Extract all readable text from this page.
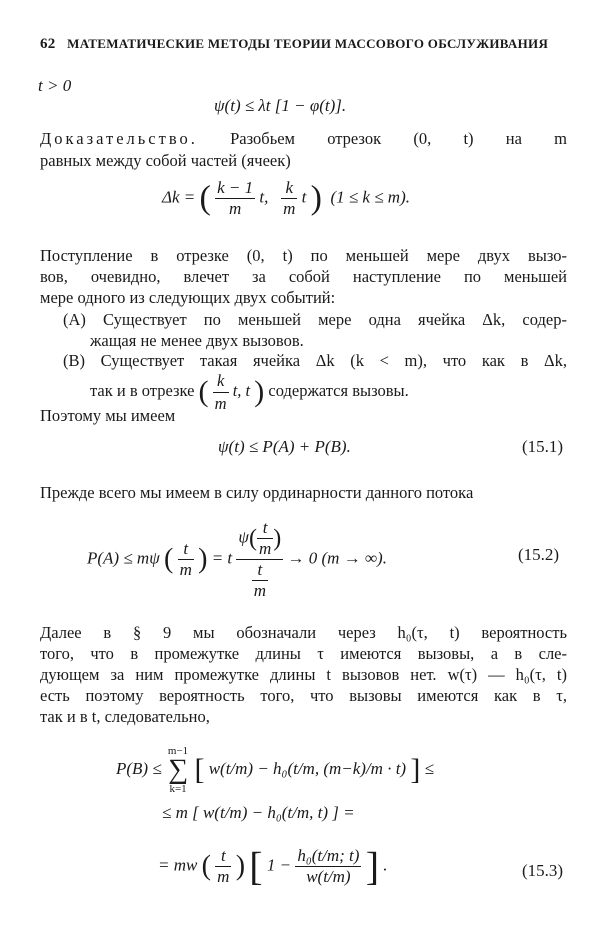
62 МАТЕМАТИЧЕСКИЕ МЕТОДЫ ТЕОРИИ МАССОВОГО ОБСЛУЖИВАНИЯ
t > 0
ψ(t) ≤ λt [1 − φ(t)].
Доказательство. Разобьем отрезок (0, t) на m
равных между собой частей (ячеек)
Δk = ( $\frac{k - 1}{m} t$, $\frac{k}{m}$ t ) (1 ≤ k ≤ m).
Поступление в отрезке (0, t) по меньшей мере двух вызо-
вов, очевидно, влечет за собой наступление по меньшей
мере одного из следующих двух событий:
(A) Существует по меньшей мере одна ячейка Δk, содер-
жащая не менее двух вызовов.
(B) Существует такая ячейка Δk (k < m), что как в Δk,
так и в отрезке ( $\frac{k}{m} t$, t ) содержатся вызовы.
Поэтому мы имеем
ψ(t) ≤ P(A) + P(B).	(15.1)
Прежде всего мы имеем в силу ординарности данного потока
P(A) ≤ mψ ( $\frac{t}{m}$ ) = t $\frac{\psi( \frac{t}{m} )}{\frac{t}{m}} \to 0$ (m → ∞).	(15.2)
Далее в § 9 мы обозначали через h₀(τ, t) вероятность
того, что в промежутке длины τ имеются вызовы, а в сле-
дующем за ним промежутке длины t вызовов нет. w(τ) — h₀(τ, t)
есть поэтому вероятность того, что вызовы имеются как в τ,
так и в t, следовательно,
P(B) ≤
m−1
∑
k=1
[ w(t/m) − h₀(t/m, (m−k)/m · t) ] ≤
≤ m [ w(t/m) − h₀(t/m, t) ] =
= mw ( $\frac{t}{m}$ ) [ $1 - \frac{\text{h₀(t/m; t)}}{w(t/m)}$ ] .	(15.3)
